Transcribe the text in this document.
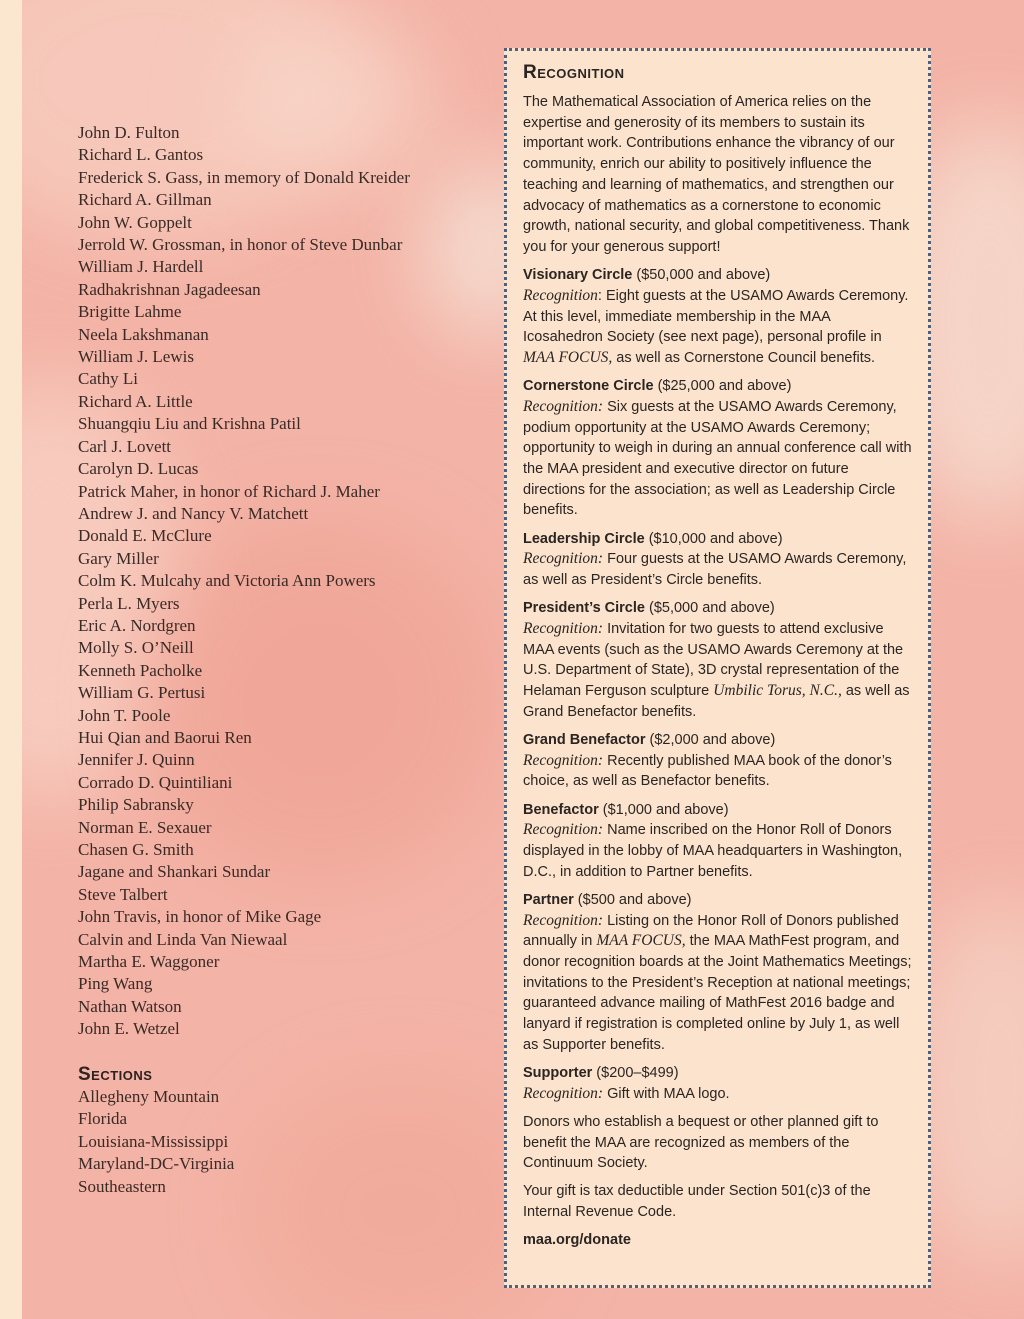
John D. Fulton
Richard L. Gantos
Frederick S. Gass, in memory of Donald Kreider
Richard A. Gillman
John W. Goppelt
Jerrold W. Grossman, in honor of Steve Dunbar
William J. Hardell
Radhakrishnan Jagadeesan
Brigitte Lahme
Neela Lakshmanan
William J. Lewis
Cathy Li
Richard A. Little
Shuangqiu Liu and Krishna Patil
Carl J. Lovett
Carolyn D. Lucas
Patrick Maher, in honor of Richard J. Maher
Andrew J. and Nancy V. Matchett
Donald E. McClure
Gary Miller
Colm K. Mulcahy and Victoria Ann Powers
Perla L. Myers
Eric A. Nordgren
Molly S. O’Neill
Kenneth Pacholke
William G. Pertusi
John T. Poole
Hui Qian and Baorui Ren
Jennifer J. Quinn
Corrado D. Quintiliani
Philip Sabransky
Norman E. Sexauer
Chasen G. Smith
Jagane and Shankari Sundar
Steve Talbert
John Travis, in honor of Mike Gage
Calvin and Linda Van Niewaal
Martha E. Waggoner
Ping Wang
Nathan Watson
John E. Wetzel
Sections
Allegheny Mountain
Florida
Louisiana-Mississippi
Maryland-DC-Virginia
Southeastern
Recognition

The Mathematical Association of America relies on the expertise and generosity of its members to sustain its important work. Contributions enhance the vibrancy of our community, enrich our ability to positively influence the teaching and learning of mathematics, and strengthen our advocacy of mathematics as a cornerstone to economic growth, national security, and global competitiveness. Thank you for your generous support!

Visionary Circle ($50,000 and above)
Recognition: Eight guests at the USAMO Awards Ceremony. At this level, immediate membership in the MAA Icosahedron Society (see next page), personal profile in MAA FOCUS, as well as Cornerstone Council benefits.

Cornerstone Circle ($25,000 and above)
Recognition: Six guests at the USAMO Awards Ceremony, podium opportunity at the USAMO Awards Ceremony; opportunity to weigh in during an annual conference call with the MAA president and executive director on future directions for the association; as well as Leadership Circle benefits.

Leadership Circle ($10,000 and above)
Recognition: Four guests at the USAMO Awards Ceremony, as well as President’s Circle benefits.

President’s Circle ($5,000 and above)
Recognition: Invitation for two guests to attend exclusive MAA events (such as the USAMO Awards Ceremony at the U.S. Department of State), 3D crystal representation of the Helaman Ferguson sculpture Umbilic Torus, N.C., as well as Grand Benefactor benefits.

Grand Benefactor ($2,000 and above)
Recognition: Recently published MAA book of the donor’s choice, as well as Benefactor benefits.

Benefactor ($1,000 and above)
Recognition: Name inscribed on the Honor Roll of Donors displayed in the lobby of MAA headquarters in Washington, D.C., in addition to Partner benefits.

Partner ($500 and above)
Recognition: Listing on the Honor Roll of Donors published annually in MAA FOCUS, the MAA MathFest program, and donor recognition boards at the Joint Mathematics Meetings; invitations to the President’s Reception at national meetings; guaranteed advance mailing of MathFest 2016 badge and lanyard if registration is completed online by July 1, as well as Supporter benefits.

Supporter ($200–$499)
Recognition: Gift with MAA logo.

Donors who establish a bequest or other planned gift to benefit the MAA are recognized as members of the Continuum Society.

Your gift is tax deductible under Section 501(c)3 of the Internal Revenue Code.

maa.org/donate
